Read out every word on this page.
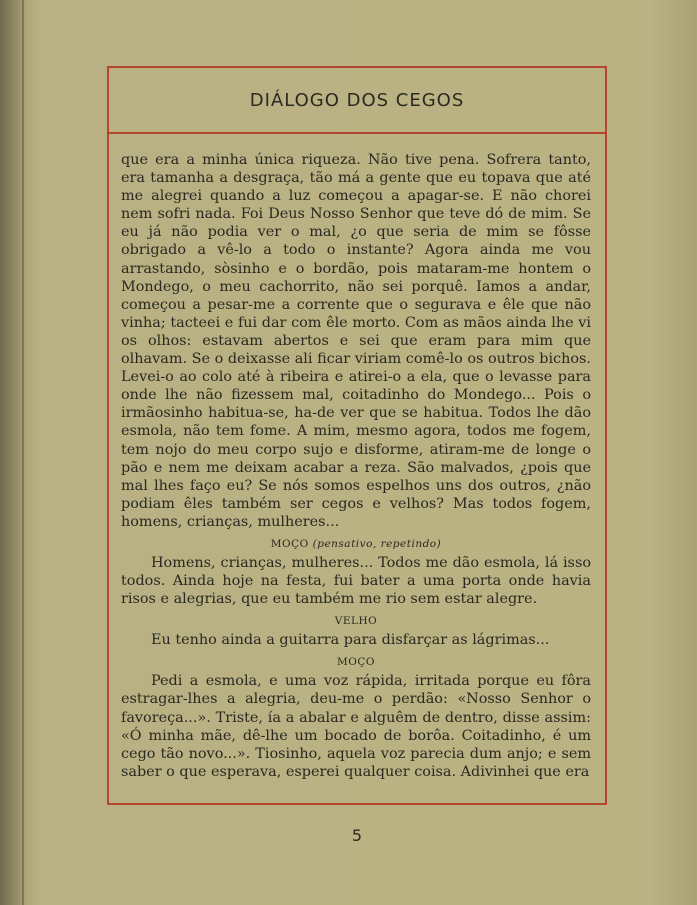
DIÁLOGO DOS CEGOS

que era a minha única riqueza. Não tive pena. Sofrera tanto, era tamanha a desgraça, tão má a gente que eu topava que até me alegrei quando a luz começou a apagar-se. E não chorei nem sofri nada. Foi Deus Nosso Senhor que teve dó de mim. Se eu já não podia ver o mal, ¿o que seria de mim se fôsse obrigado a vê-lo a todo o instante? Agora ainda me vou arrastando, sòsinho e o bordão, pois mataram-me hontem o Mondego, o meu cachorrito, não sei porquê. Iamos a andar, começou a pesar-me a corrente que o segurava e êle que não vinha; tacteei e fui dar com êle morto. Com as mãos ainda lhe vi os olhos: estavam abertos e sei que eram para mim que olhavam. Se o deixasse ali ficar viriam comê-lo os outros bichos. Levei-o ao colo até à ribeira e atirei-o a ela, que o levasse para onde lhe não fizessem mal, coitadinho do Mondego... Pois o irmãosinho habitua-se, ha-de ver que se habitua. Todos lhe dão esmola, não tem fome. A mim, mesmo agora, todos me fogem, tem nojo do meu corpo sujo e disforme, atiram-me de longe o pão e nem me deixam acabar a reza. São malvados, ¿pois que mal lhes faço eu? Se nós somos espelhos uns dos outros, ¿não podiam êles também ser cegos e velhos? Mas todos fogem, homens, crianças, mulheres...

MOÇO (pensativo, repetindo)

Homens, crianças, mulheres... Todos me dão esmola, lá isso todos. Ainda hoje na festa, fui bater a uma porta onde havia risos e alegrias, que eu também me rio sem estar alegre.

VELHO

Eu tenho ainda a guitarra para disfarçar as lágrimas...

MOÇO

Pedi a esmola, e uma voz rápida, irritada porque eu fôra estragar-lhes a alegria, deu-me o perdão: «Nosso Senhor o favoreça...». Triste, ía a abalar e alguêm de dentro, disse assim: «Ó minha mãe, dê-lhe um bocado de borôa. Coitadinho, é um cego tão novo...». Tiosinho, aquela voz parecia dum anjo; e sem saber o que esperava, esperei qualquer coisa. Adivinhei que era

5
